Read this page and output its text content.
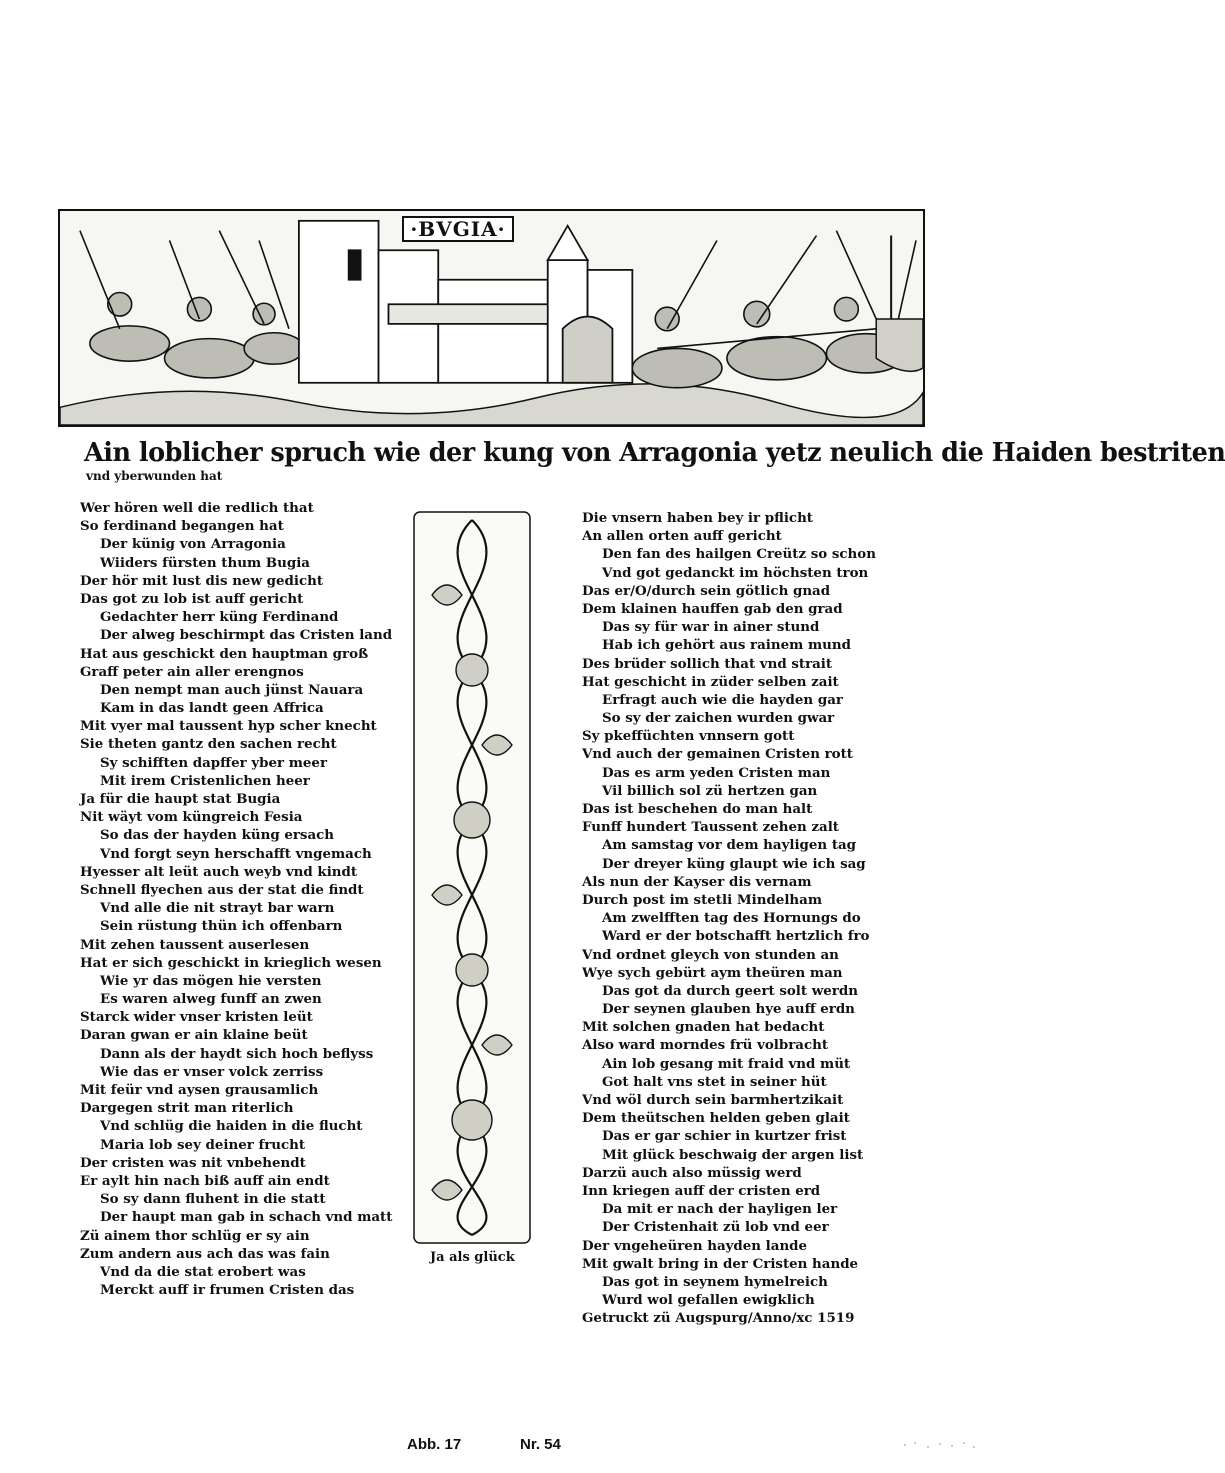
·BVGIA·
Ain loblicher spruch wie der kung von Arragonia yetz neulich die Haiden bestriten
vnd yberwunden hat
Wer hören well die redlich that
So ferdinand begangen hat
Der künig von Arragonia
Wiiders fürsten thum Bugia
Der hör mit lust dis new gedicht
Das got zu lob ist auff gericht
Gedachter herr küng Ferdinand
Der alweg beschirmpt das Cristen land
Hat aus geschickt den hauptman groß
Graff peter ain aller erengnos
Den nempt man auch jünst Nauara
Kam in das landt geen Affrica
Mit vyer mal taussent hyp scher knecht
Sie theten gantz den sachen recht
Sy schifften dapffer yber meer
Mit irem Cristenlichen heer
Ja für die haupt stat Bugia
Nit wäyt vom küngreich Fesia
So das der hayden küng ersach
Vnd forgt seyn herschafft vngemach
Hyesser alt leüt auch weyb vnd kindt
Schnell flyechen aus der stat die findt
Vnd alle die nit strayt bar warn
Sein rüstung thün ich offenbarn
Mit zehen taussent auserlesen
Hat er sich geschickt in krieglich wesen
Wie yr das mögen hie versten
Es waren alweg funff an zwen
Starck wider vnser kristen leüt
Daran gwan er ain klaine beüt
Dann als der haydt sich hoch beflyss
Wie das er vnser volck zerriss
Mit feür vnd aysen grausamlich
Dargegen strit man riterlich
Vnd schlüg die haiden in die flucht
Maria lob sey deiner frucht
Der cristen was nit vnbehendt
Er aylt hin nach biß auff ain endt
So sy dann fluhent in die statt
Der haupt man gab in schach vnd matt
Zü ainem thor schlüg er sy ain
Zum andern aus ach das was fain
Vnd da die stat erobert was
Merckt auff ir frumen Cristen das
Ja als glück
Die vnsern haben bey ir pflicht
An allen orten auff gericht
Den fan des hailgen Creütz so schon
Vnd got gedanckt im höchsten tron
Das er/O/durch sein götlich gnad
Dem klainen hauffen gab den grad
Das sy für war in ainer stund
Hab ich gehört aus rainem mund
Des brüder sollich that vnd strait
Hat geschicht in züder selben zait
Erfragt auch wie die hayden gar
So sy der zaichen wurden gwar
Sy pkeffüchten vnnsern gott
Vnd auch der gemainen Cristen rott
Das es arm yeden Cristen man
Vil billich sol zü hertzen gan
Das ist beschehen do man halt
Funff hundert Taussent zehen zalt
Am samstag vor dem hayligen tag
Der dreyer küng glaupt wie ich sag
Als nun der Kayser dis vernam
Durch post im stetli Mindelham
Am zwelfften tag des Hornungs do
Ward er der botschafft hertzlich fro
Vnd ordnet gleych von stunden an
Wye sych gebürt aym theüren man
Das got da durch geert solt werdn
Der seynen glauben hye auff erdn
Mit solchen gnaden hat bedacht
Also ward morndes frü volbracht
Ain lob gesang mit fraid vnd müt
Got halt vns stet in seiner hüt
Vnd wöl durch sein barmhertzikait
Dem theütschen helden geben glait
Das er gar schier in kurtzer frist
Mit glück beschwaig der argen list
Darzü auch also müssig werd
Inn kriegen auff der cristen erd
Da mit er nach der hayligen ler
Der Cristenhait zü lob vnd eer
Der vngeheüren hayden lande
Mit gwalt bring in der Cristen hande
Das got in seynem hymelreich
Wurd wol gefallen ewigklich
Getruckt zü Augspurg/Anno/xc 1519
Abb. 17	Nr. 54
